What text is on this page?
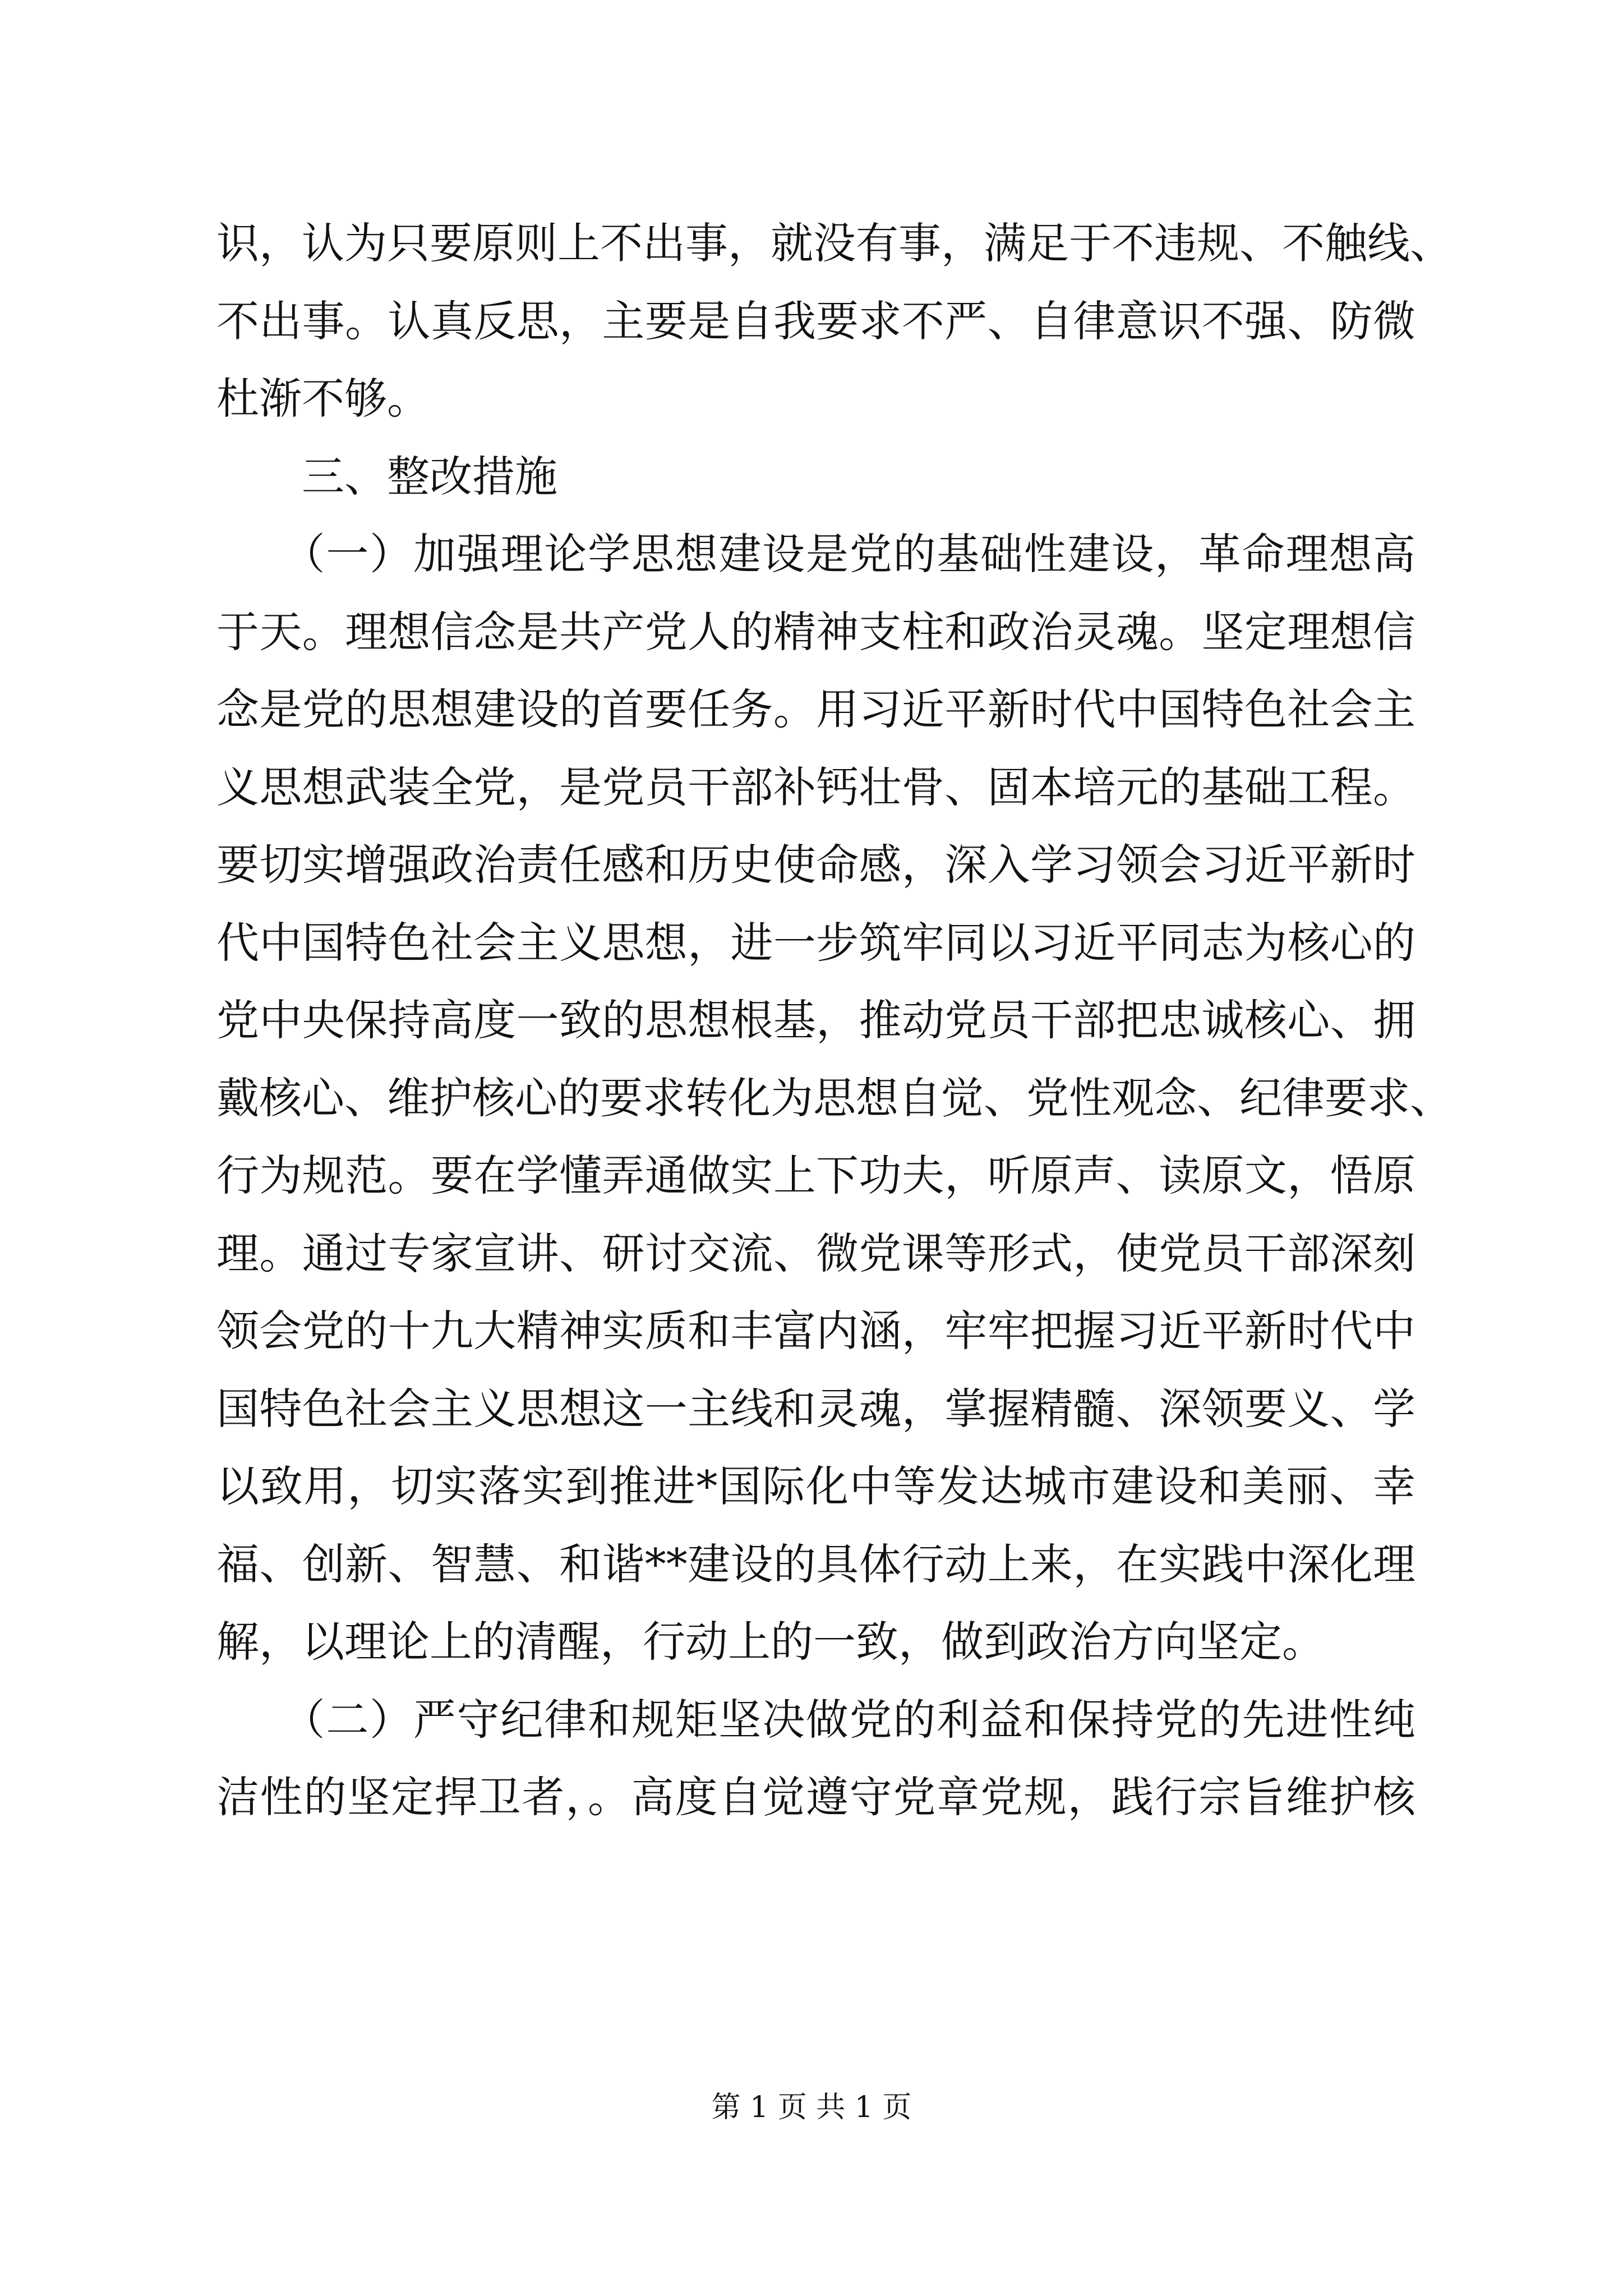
识，认为只要原则上不出事，就没有事，满足于不违规、不触线、
不出事。认真反思，主要是自我要求不严、自律意识不强、防微
杜渐不够。
　　三、整改措施
　　（一）加强理论学思想建设是党的基础性建设，革命理想高
于天。理想信念是共产党人的精神支柱和政治灵魂。坚定理想信
念是党的思想建设的首要任务。用习近平新时代中国特色社会主
义思想武装全党，是党员干部补钙壮骨、固本培元的基础工程。
要切实增强政治责任感和历史使命感，深入学习领会习近平新时
代中国特色社会主义思想，进一步筑牢同以习近平同志为核心的
党中央保持高度一致的思想根基，推动党员干部把忠诚核心、拥
戴核心、维护核心的要求转化为思想自觉、党性观念、纪律要求、
行为规范。要在学懂弄通做实上下功夫，听原声、读原文，悟原
理。通过专家宣讲、研讨交流、微党课等形式，使党员干部深刻
领会党的十九大精神实质和丰富内涵，牢牢把握习近平新时代中
国特色社会主义思想这一主线和灵魂，掌握精髓、深领要义、学
以致用，切实落实到推进*国际化中等发达城市建设和美丽、幸
福、创新、智慧、和谐**建设的具体行动上来，在实践中深化理
解，以理论上的清醒，行动上的一致，做到政治方向坚定。
　　（二）严守纪律和规矩坚决做党的利益和保持党的先进性纯
洁性的坚定捍卫者，。高度自觉遵守党章党规，践行宗旨维护核
第 1 页 共 1 页
